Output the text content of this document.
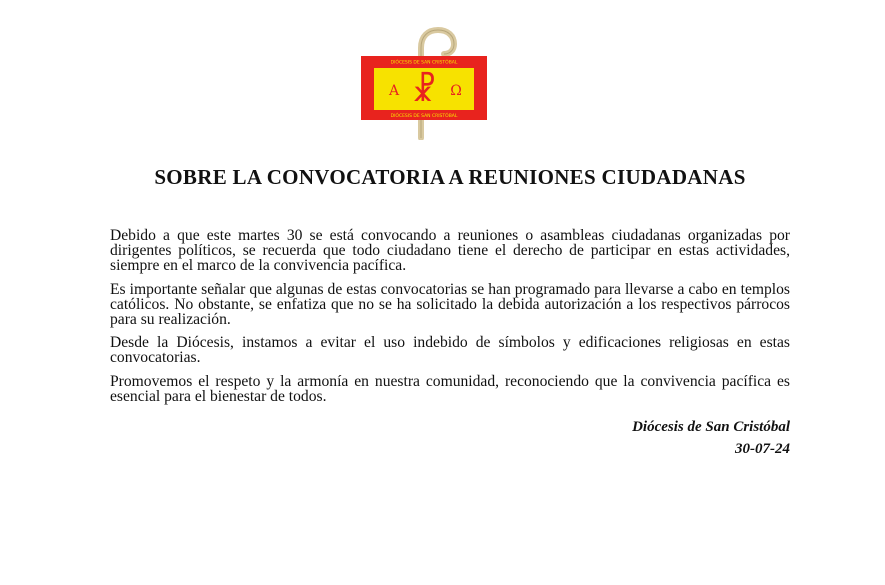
DIÓCESIS DE SAN CRISTÓBAL
DIÓCESIS DE SAN CRISTÓBAL
Α	Ω
☧
SOBRE LA CONVOCATORIA A REUNIONES CIUDADANAS

Debido a que este martes 30 se está convocando a reuniones o asambleas ciudadanas organizadas por dirigentes políticos, se recuerda que todo ciudadano tiene el derecho de participar en estas actividades, siempre en el marco de la convivencia pacífica.

Es importante señalar que algunas de estas convocatorias se han programado para llevarse a cabo en templos católicos. No obstante, se enfatiza que no se ha solicitado la debida autorización a los respectivos párrocos para su realización.

Desde la Diócesis, instamos a evitar el uso indebido de símbolos y edificaciones religiosas en estas convocatorias.

Promovemos el respeto y la armonía en nuestra comunidad, reconociendo que la convivencia pacífica es esencial para el bienestar de todos.

Diócesis de San Cristóbal
30-07-24
